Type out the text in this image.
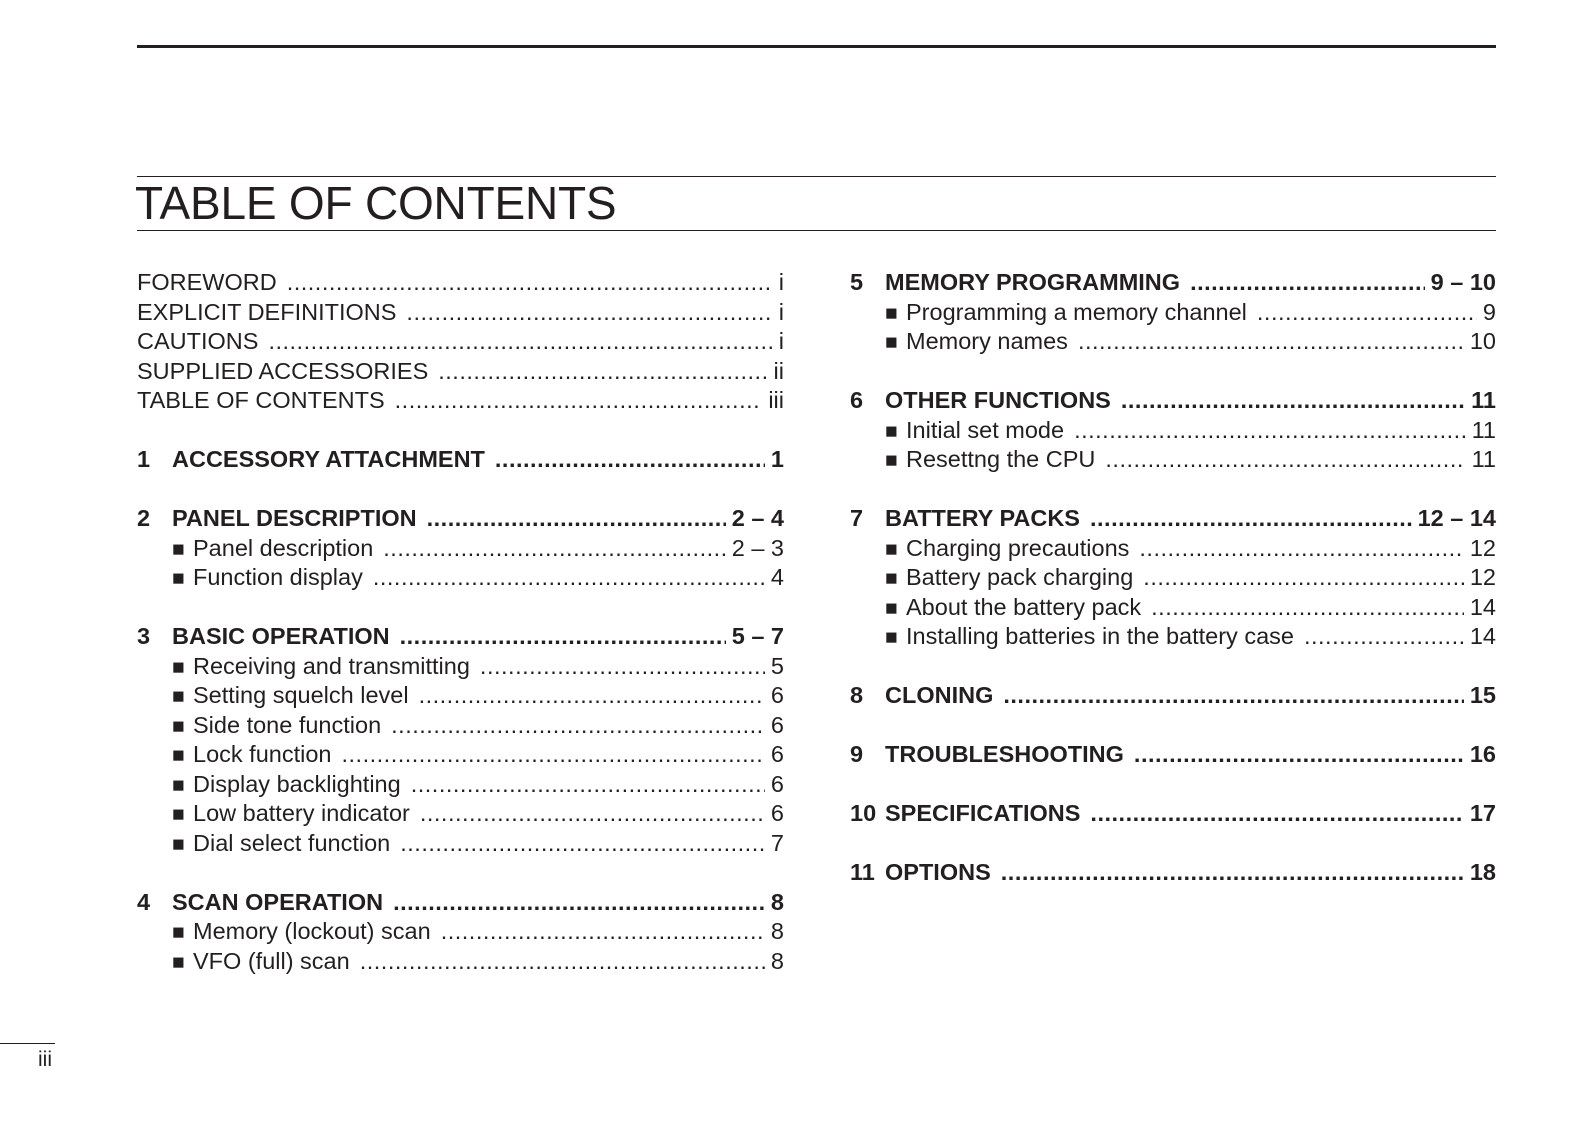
TABLE OF CONTENTS
FOREWORD .....	i
EXPLICIT DEFINITIONS .....	i
CAUTIONS .....	i
SUPPLIED ACCESSORIES .....	ii
TABLE OF CONTENTS .....	iii
1 ACCESSORY ATTACHMENT .....	1
2 PANEL DESCRIPTION .....	2 – 4
■ Panel description .....	2 – 3
■ Function display .....	4
3 BASIC OPERATION .....	5 – 7
■ Receiving and transmitting .....	5
■ Setting squelch level .....	6
■ Side tone function .....	6
■ Lock function .....	6
■ Display backlighting .....	6
■ Low battery indicator .....	6
■ Dial select function .....	7
4 SCAN OPERATION .....	8
■ Memory (lockout) scan .....	8
■ VFO (full) scan .....	8
5 MEMORY PROGRAMMING .....	9 – 10
■ Programming a memory channel .....	9
■ Memory names .....	10
6 OTHER FUNCTIONS .....	11
■ Initial set mode .....	11
■ Resettng the CPU .....	11
7 BATTERY PACKS .....	12 – 14
■ Charging precautions .....	12
■ Battery pack charging .....	12
■ About the battery pack .....	14
■ Installing batteries in the battery case .....	14
8 CLONING .....	15
9 TROUBLESHOOTING .....	16
10 SPECIFICATIONS .....	17
11 OPTIONS .....	18
iii
